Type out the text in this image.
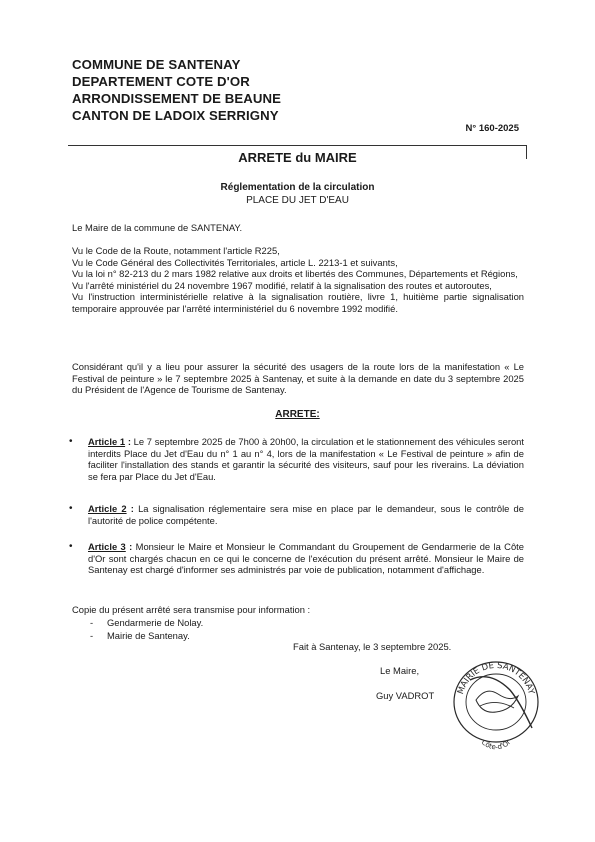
COMMUNE DE SANTENAY
DEPARTEMENT COTE D'OR
ARRONDISSEMENT DE BEAUNE
CANTON DE LADOIX SERRIGNY
N° 160-2025
ARRETE du MAIRE
Réglementation de la circulation
PLACE DU JET D'EAU
Le Maire de la commune de SANTENAY.

Vu le Code de la Route, notamment l'article R225,

Vu le Code Général des Collectivités Territoriales, article L. 2213-1 et suivants,

Vu la loi n° 82-213 du 2 mars 1982 relative aux droits et libertés des Communes, Départements et Régions,

Vu l'arrêté ministériel du 24 novembre 1967 modifié, relatif à la signalisation des routes et autoroutes,

Vu l'instruction interministérielle relative à la signalisation routière, livre 1, huitième partie signalisation temporaire approuvée par l'arrêté interministériel du 6 novembre 1992 modifié.

Considérant qu'il y a lieu pour assurer la sécurité des usagers de la route lors de la manifestation « Le Festival de peinture » le 7 septembre 2025 à Santenay, et suite à la demande en date du 3 septembre 2025 du Président de l'Agence de Tourisme de Santenay.
ARRETE:
• Article 1 : Le 7 septembre 2025 de 7h00 à 20h00, la circulation et le stationnement des véhicules seront interdits Place du Jet d'Eau du n° 1 au n° 4, lors de la manifestation « Le Festival de peinture » afin de faciliter l'installation des stands et garantir la sécurité des visiteurs, sauf pour les riverains. La déviation se fera par Place du Jet d'Eau.
• Article 2 : La signalisation réglementaire sera mise en place par le demandeur, sous le contrôle de l'autorité de police compétente.
• Article 3 : Monsieur le Maire et Monsieur le Commandant du Groupement de Gendarmerie de la Côte d'Or sont chargés chacun en ce qui le concerne de l'exécution du présent arrêté. Monsieur le Maire de Santenay est chargé d'informer ses administrés par voie de publication, notamment d'affichage.
Copie du présent arrêté sera transmise pour information :
- Gendarmerie de Nolay.
- Mairie de Santenay.
Fait à Santenay, le 3 septembre 2025.
Le Maire,
Guy VADROT	MAIRIE DE SANTENAY
Côte-d'Or
